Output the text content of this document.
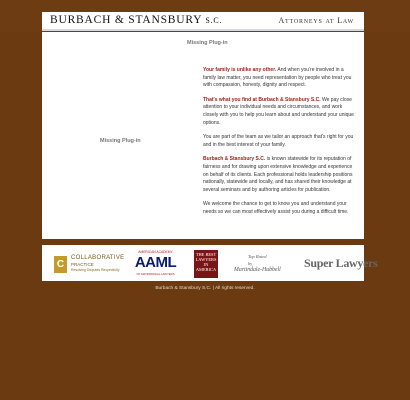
BURBACH & STANSBURY S.C.	Attorneys at Law
Missing Plug-in
Missing Plug-in

Your family is unlike any other. And when you're involved in a family law matter, you need representation by people who treat you with compassion, honesty, dignity and respect.

That's what you find at Burbach & Stansbury S.C. We pay close attention to your individual needs and circumstances, and work closely with you to help you learn about and understand your unique options.

You are part of the team as we tailor an approach that's right for you and in the best interest of your family.

Burbach & Stansbury S.C. is known statewide for its reputation of fairness and for drawing upon extensive knowledge and experience on behalf of its clients. Each professional holds leadership positions nationally, statewide and locally, and has shared their knowledge at several seminars and by authoring articles for publication.

We welcome the chance to get to know you and understand your needs so we can most effectively assist you during a difficult time.

C
COLLABORATIVE
PRACTICE
Resolving Disputes Respectfully
AMERICAN ACADEMY
AAML
OF MATRIMONIAL LAWYERS
THE BEST
LAWYERS
IN
AMERICA
Top Rated
by
Martindale-Hubbell Super Lawyers
Burbach & Stansbury S.C. | All rights reserved.
